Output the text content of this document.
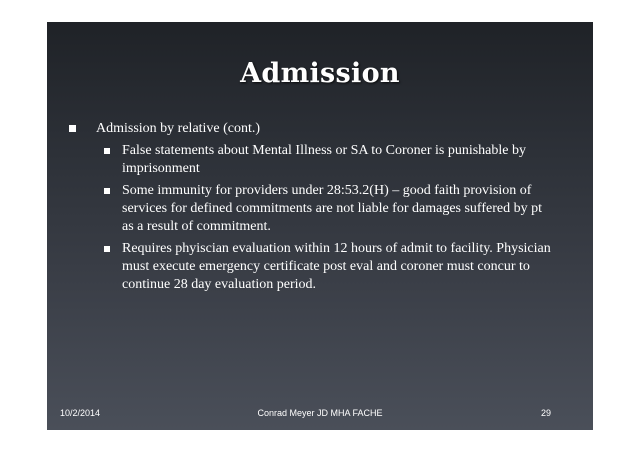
Admission
Admission by relative (cont.)
False statements about Mental Illness or SA to Coroner is punishable by imprisonment
Some immunity for providers under 28:53.2(H) – good faith provision of services for defined commitments are not liable for damages suffered by pt as a result of commitment.
Requires phyiscian evaluation within 12 hours of admit to facility. Physician must execute emergency certificate post eval and coroner must concur to continue 28 day evaluation period.
10/2/2014	Conrad Meyer JD MHA FACHE	29
